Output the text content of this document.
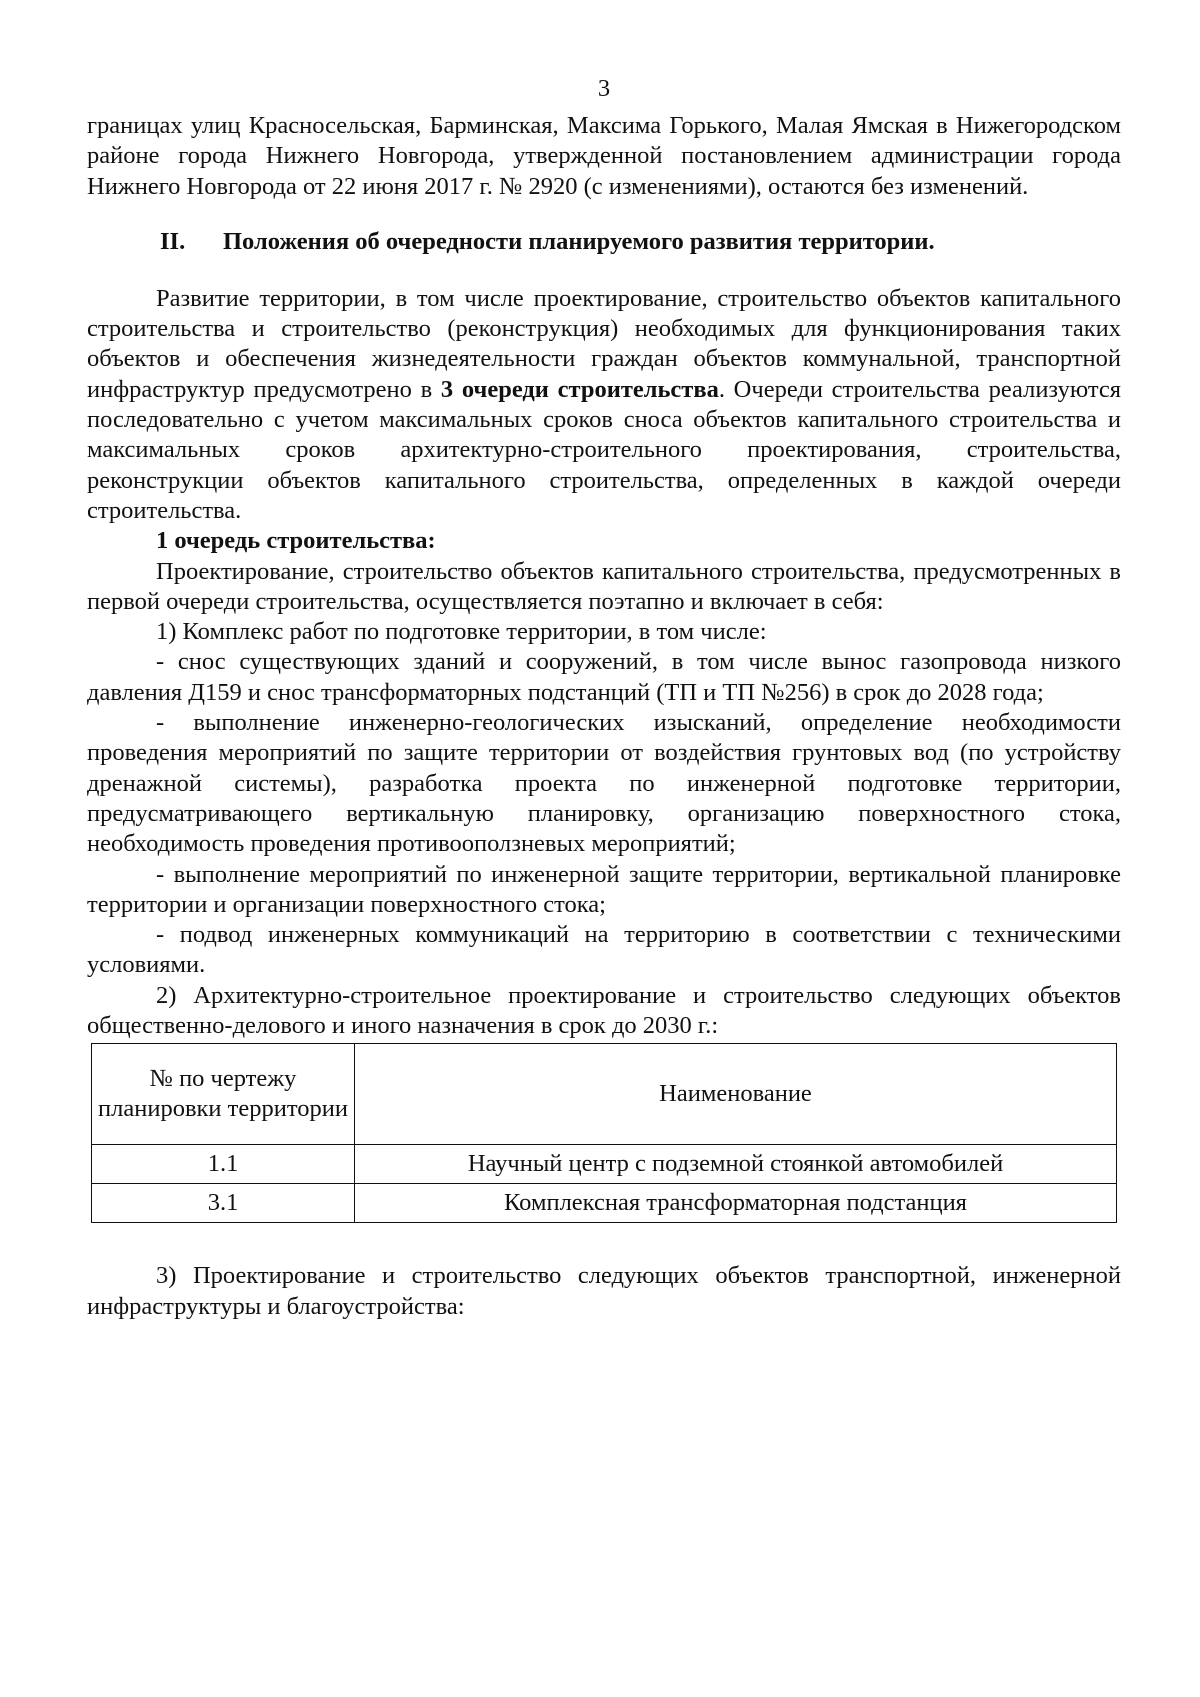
3

границах улиц Красносельская, Барминская, Максима Горького, Малая Ямская в Нижегородском районе города Нижнего Новгорода, утвержденной постановлением администрации города Нижнего Новгорода от 22 июня 2017 г. № 2920 (с изменениями), остаются без изменений.

II. Положения об очередности планируемого развития территории.

Развитие территории, в том числе проектирование, строительство объектов капитального строительства и строительство (реконструкция) необходимых для функционирования таких объектов и обеспечения жизнедеятельности граждан объектов коммунальной, транспортной инфраструктур предусмотрено в 3 очереди строительства. Очереди строительства реализуются последовательно с учетом максимальных сроков сноса объектов капитального строительства и максимальных сроков архитектурно-строительного проектирования, строительства, реконструкции объектов капитального строительства, определенных в каждой очереди строительства.

1 очередь строительства:

Проектирование, строительство объектов капитального строительства, предусмотренных в первой очереди строительства, осуществляется поэтапно и включает в себя:

1) Комплекс работ по подготовке территории, в том числе:

- снос существующих зданий и сооружений, в том числе вынос газопровода низкого давления Д159 и снос трансформаторных подстанций (ТП и ТП №256) в срок до 2028 года;

- выполнение инженерно-геологических изысканий, определение необходимости проведения мероприятий по защите территории от воздействия грунтовых вод (по устройству дренажной системы), разработка проекта по инженерной подготовке территории, предусматривающего вертикальную планировку, организацию поверхностного стока, необходимость проведения противооползневых мероприятий;

- выполнение мероприятий по инженерной защите территории, вертикальной планировке территории и организации поверхностного стока;

- подвод инженерных коммуникаций на территорию в соответствии с техническими условиями.

2) Архитектурно-строительное проектирование и строительство следующих объектов общественно-делового и иного назначения в срок до 2030 г.:

№ по чертежу планировки территории	Наименование
1.1	Научный центр с подземной стоянкой автомобилей
3.1	Комплексная трансформаторная подстанция

3) Проектирование и строительство следующих объектов транспортной, инженерной инфраструктуры и благоустройства:
